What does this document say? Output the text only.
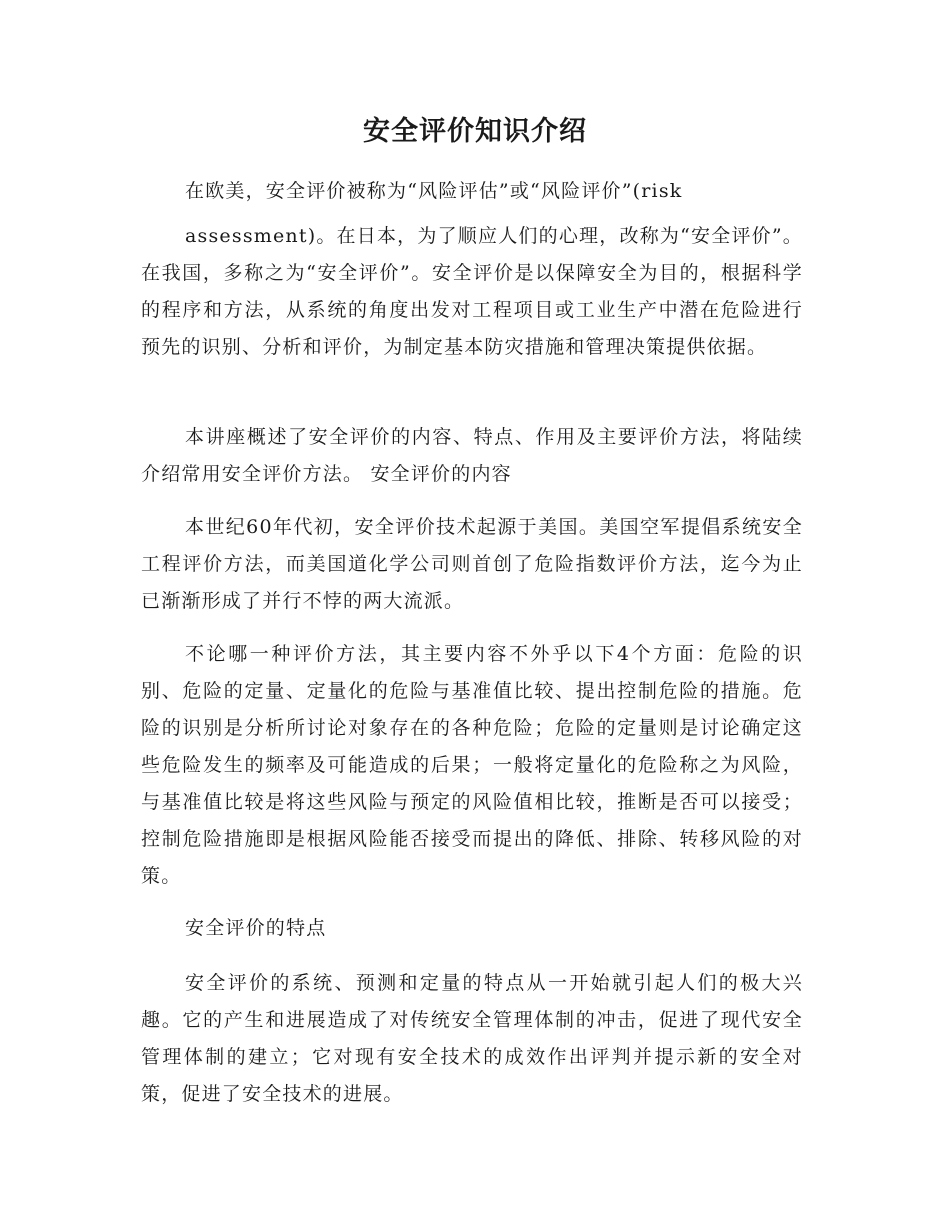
安全评价知识介绍

在欧美，安全评价被称为“风险评估”或“风险评价”(risk

assessment)。在日本，为了顺应人们的心理，改称为“安全评价”。在我国，多称之为“安全评价”。安全评价是以保障安全为目的，根据科学的程序和方法，从系统的角度出发对工程项目或工业生产中潜在危险进行预先的识别、分析和评价，为制定基本防灾措施和管理决策提供依据。

本讲座概述了安全评价的内容、特点、作用及主要评价方法，将陆续介绍常用安全评价方法。 安全评价的内容

本世纪60年代初，安全评价技术起源于美国。美国空军提倡系统安全工程评价方法，而美国道化学公司则首创了危险指数评价方法，迄今为止已渐渐形成了并行不悖的两大流派。

不论哪一种评价方法，其主要内容不外乎以下4个方面：危险的识别、危险的定量、定量化的危险与基准值比较、提出控制危险的措施。危险的识别是分析所讨论对象存在的各种危险；危险的定量则是讨论确定这些危险发生的频率及可能造成的后果；一般将定量化的危险称之为风险，与基准值比较是将这些风险与预定的风险值相比较，推断是否可以接受；控制危险措施即是根据风险能否接受而提出的降低、排除、转移风险的对策。

安全评价的特点

安全评价的系统、预测和定量的特点从一开始就引起人们的极大兴趣。它的产生和进展造成了对传统安全管理体制的冲击，促进了现代安全管理体制的建立；它对现有安全技术的成效作出评判并提示新的安全对策，促进了安全技术的进展。
